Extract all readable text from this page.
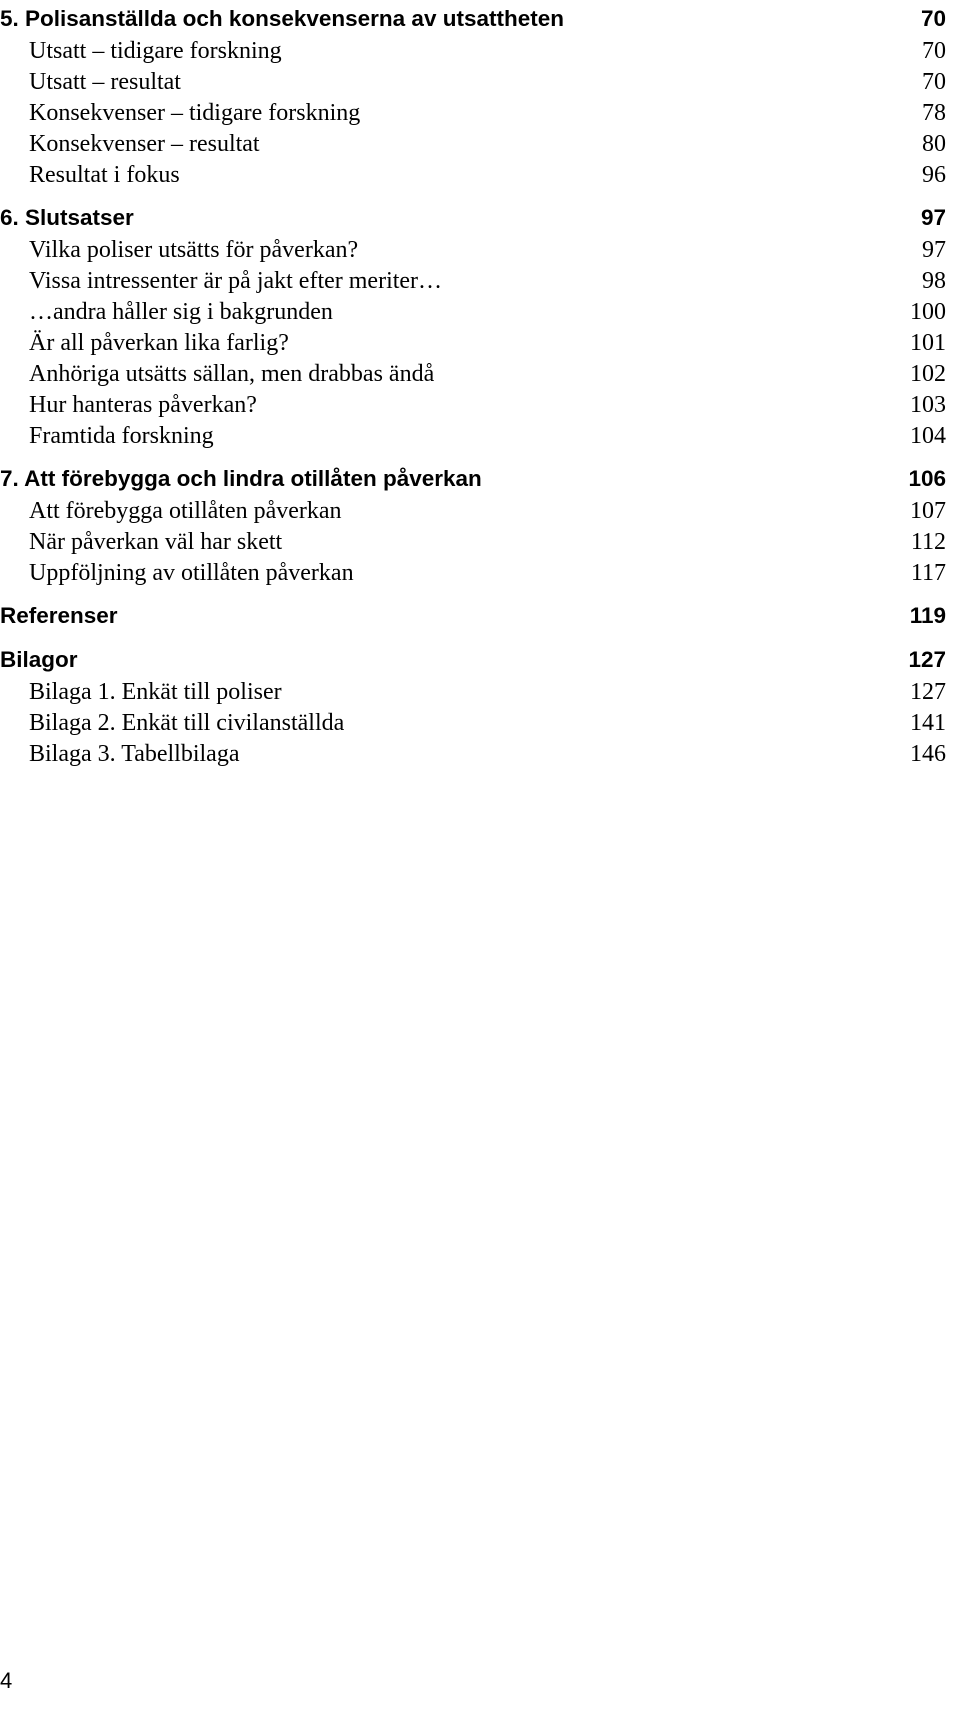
5. Polisanställda och konsekvenserna av utsattheten	70
Utsatt – tidigare forskning	70
Utsatt – resultat	70
Konsekvenser – tidigare forskning	78
Konsekvenser – resultat	80
Resultat i fokus	96
6. Slutsatser	97
Vilka poliser utsätts för påverkan?	97
Vissa intressenter är på jakt efter meriter…	98
…andra håller sig i bakgrunden	100
Är all påverkan lika farlig?	101
Anhöriga utsätts sällan, men drabbas ändå	102
Hur hanteras påverkan?	103
Framtida forskning	104
7. Att förebygga och lindra otillåten påverkan	106
Att förebygga otillåten påverkan	107
När påverkan väl har skett	112
Uppföljning av otillåten påverkan	117
Referenser	119
Bilagor	127
Bilaga 1. Enkät till poliser	127
Bilaga 2. Enkät till civilanställda	141
Bilaga 3. Tabellbilaga	146
4
